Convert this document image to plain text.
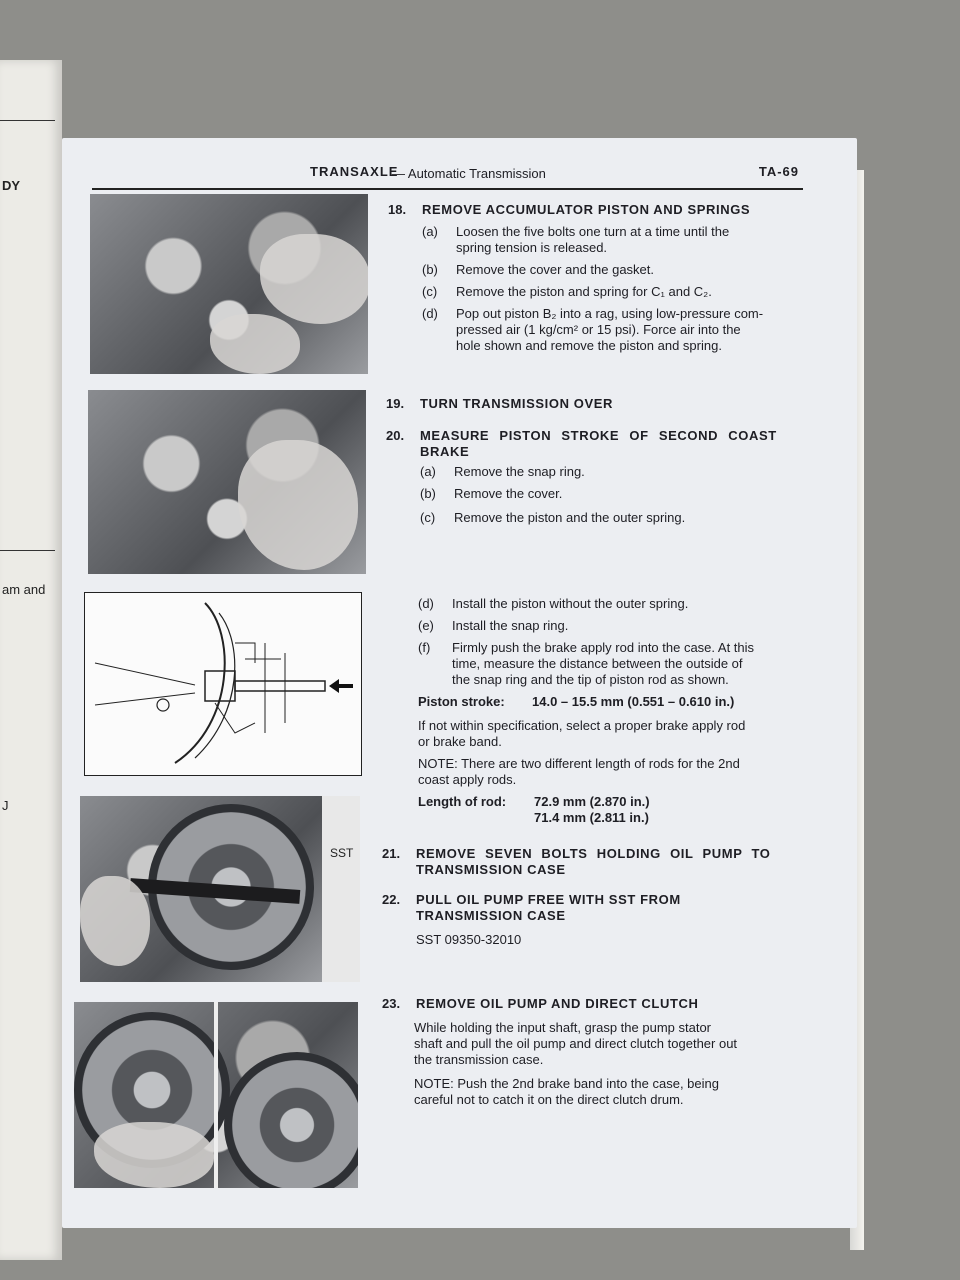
DY
am and
J
TRANSAXLE
— Automatic Transmission	TA-69
SST
18. REMOVE ACCUMULATOR PISTON AND SPRINGS
(a) Loosen the five bolts one turn at a time until the
spring tension is released.
(b) Remove the cover and the gasket.
(c) Remove the piston and spring for C₁ and C₂.
(d) Pop out piston B₂ into a rag, using low-pressure com-
pressed air (1 kg/cm² or 15 psi). Force air into the
hole shown and remove the piston and spring.
19. TURN TRANSMISSION OVER
20. MEASURE PISTON STROKE OF SECOND COAST
BRAKE
(a) Remove the snap ring.
(b) Remove the cover.
(c) Remove the piston and the outer spring.
(d) Install the piston without the outer spring.
(e) Install the snap ring.
(f) Firmly push the brake apply rod into the case. At this
time, measure the distance between the outside of
the snap ring and the tip of piston rod as shown.
Piston stroke:	14.0 – 15.5 mm (0.551 – 0.610 in.)
If not within specification, select a proper brake apply rod
or brake band.
NOTE: There are two different length of rods for the 2nd
coast apply rods.
Length of rod:	72.9 mm (2.870 in.)
71.4 mm (2.811 in.)
21. REMOVE SEVEN BOLTS HOLDING OIL PUMP TO
TRANSMISSION CASE
22. PULL OIL PUMP FREE WITH SST FROM
TRANSMISSION CASE
SST 09350-32010
23. REMOVE OIL PUMP AND DIRECT CLUTCH
While holding the input shaft, grasp the pump stator
shaft and pull the oil pump and direct clutch together out
the transmission case.
NOTE: Push the 2nd brake band into the case, being
careful not to catch it on the direct clutch drum.
